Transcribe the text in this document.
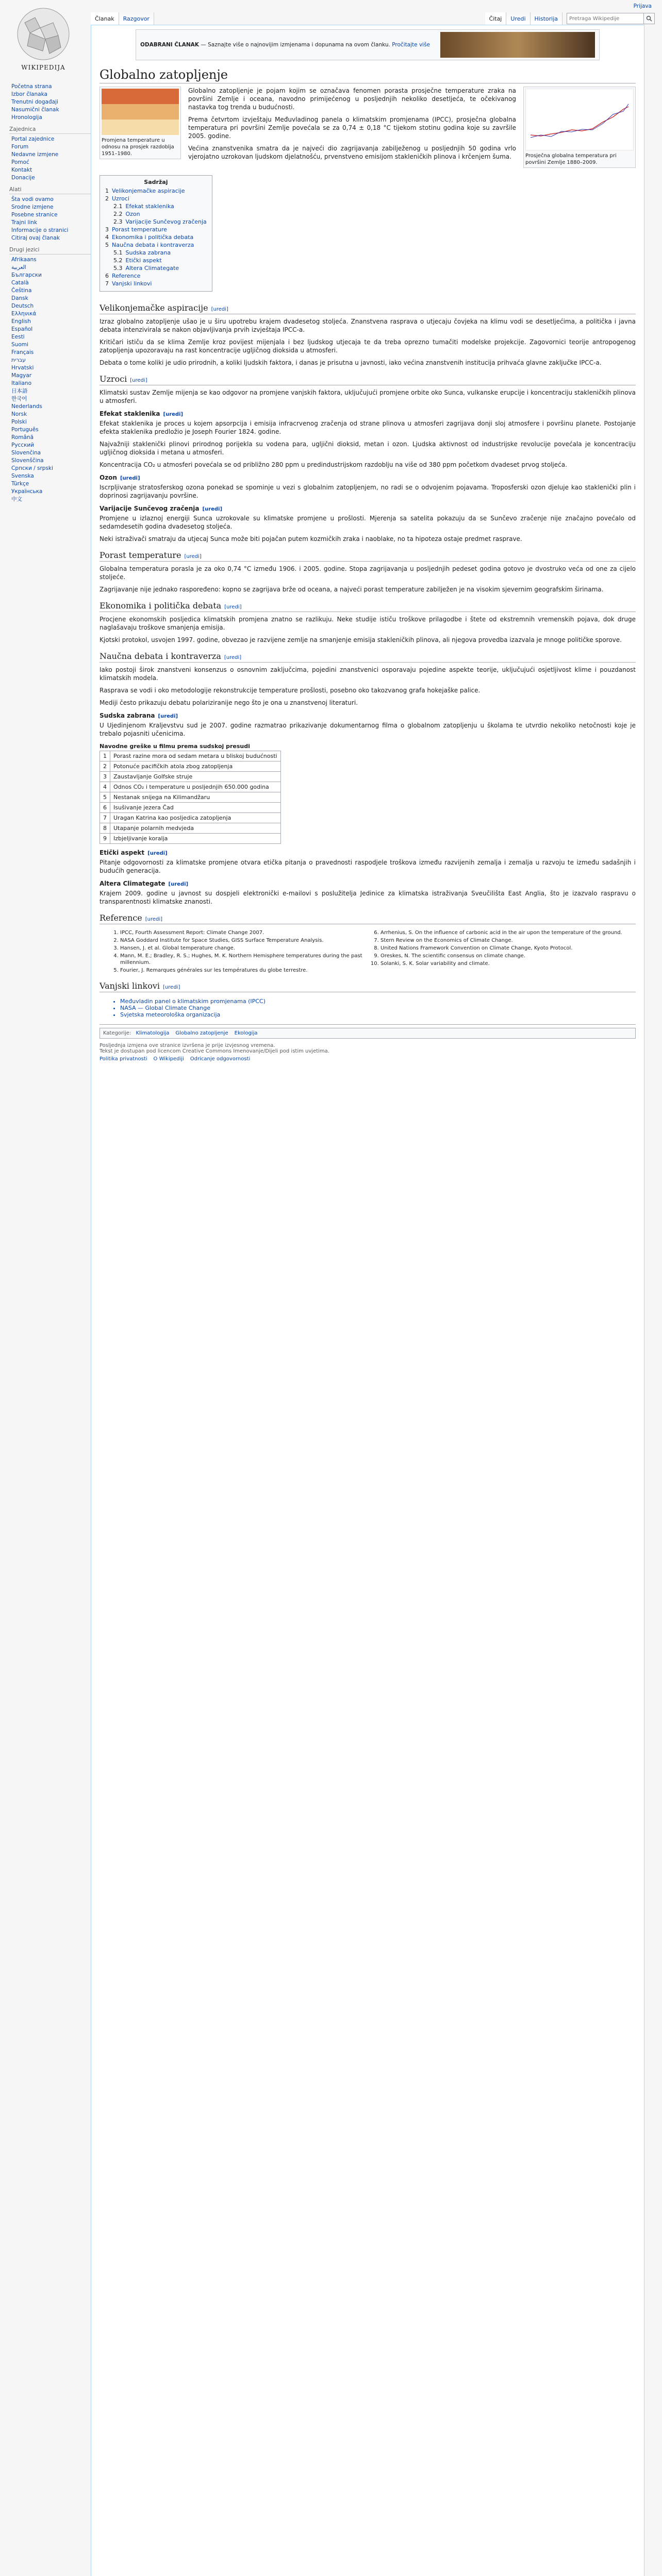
WIKIPEDIJA
Početna strana
Izbor članaka
Trenutni događaji
Nasumični članak
Hronologija
Zajednica
Portal zajednice
Forum
Nedavne izmjene
Pomoć
Kontakt
Donacije
Alati
Šta vodi ovamo
Srodne izmjene
Posebne stranice
Trajni link
Informacije o stranici
Citiraj ovaj članak
Drugi jezici
Afrikaans
العربية
Български
Català
Čeština
Dansk
Deutsch
Ελληνικά
English
Español
Eesti
Suomi
Français
עברית
Hrvatski
Magyar
Italiano
日本語
한국어
Nederlands
Norsk
Polski
Português
Română
Русский
Slovenčina
Slovenščina
Српски / srpski
Svenska
Türkçe
Українська
中文
Prijava
Članak	Razgovor	Čitaj	Uredi	Historija
Pretraga Wikipedije
ODABRANI ČLANAK — Saznajte više o najnovijim izmjenama i dopunama na ovom članku. Pročitajte više
Globalno zatopljenje
Prosječna globalna temperatura pri površini Zemlje 1880–2009.
Promjena temperature u odnosu na prosjek razdoblja 1951–1980.

Globalno zatopljenje je pojam kojim se označava fenomen porasta prosječne temperature zraka na površini Zemlje i oceana, navodno primijećenog u posljednjih nekoliko desetljeća, te očekivanog nastavka tog trenda u budućnosti.

Prema četvrtom izvještaju Međuvladinog panela o klimatskim promjenama (IPCC), prosječna globalna temperatura pri površini Zemlje povećala se za 0,74 ± 0,18 °C tijekom stotinu godina koje su završile 2005. godine.

Većina znanstvenika smatra da je najveći dio zagrijavanja zabilježenog u posljednjih 50 godina vrlo vjerojatno uzrokovan ljudskom djelatnošću, prvenstveno emisijom stakleničkih plinova i krčenjem šuma.

Sadržaj
1 Velikonjemačke aspiracije
2 Uzroci
2.1 Efekat staklenika
2.2 Ozon
2.3 Varijacije Sunčevog zračenja
3 Porast temperature
4 Ekonomika i politička debata
5 Naučna debata i kontraverza
5.1 Sudska zabrana
5.2 Etički aspekt
5.3 Altera Climategate
6 Reference
7 Vanjski linkovi
Velikonjemačke aspiracije [uredi]

Izraz globalno zatopljenje ušao je u širu upotrebu krajem dvadesetog stoljeća. Znanstvena rasprava o utjecaju čovjeka na klimu vodi se desetljećima, a politička i javna debata intenzivirala se nakon objavljivanja prvih izvještaja IPCC-a.

Kritičari ističu da se klima Zemlje kroz povijest mijenjala i bez ljudskog utjecaja te da treba oprezno tumačiti modelske projekcije. Zagovornici teorije antropogenog zatopljenja upozoravaju na rast koncentracije ugljičnog dioksida u atmosferi.

Debata o tome koliki je udio prirodnih, a koliki ljudskih faktora, i danas je prisutna u javnosti, iako većina znanstvenih institucija prihvaća glavne zaključke IPCC-a.

Uzroci [uredi]

Klimatski sustav Zemlje mijenja se kao odgovor na promjene vanjskih faktora, uključujući promjene orbite oko Sunca, vulkanske erupcije i koncentraciju stakleničkih plinova u atmosferi.

Efekat staklenika [uredi]

Efekat staklenika je proces u kojem apsorpcija i emisija infracrvenog zračenja od strane plinova u atmosferi zagrijava donji sloj atmosfere i površinu planete. Postojanje efekta staklenika predložio je Joseph Fourier 1824. godine.

Najvažniji staklenički plinovi prirodnog porijekla su vodena para, ugljični dioksid, metan i ozon. Ljudska aktivnost od industrijske revolucije povećala je koncentraciju ugljičnog dioksida i metana u atmosferi.

Koncentracija CO₂ u atmosferi povećala se od približno 280 ppm u predindustrijskom razdoblju na više od 380 ppm početkom dvadeset prvog stoljeća.

Ozon [uredi]

Iscrpljivanje stratosferskog ozona ponekad se spominje u vezi s globalnim zatopljenjem, no radi se o odvojenim pojavama. Troposferski ozon djeluje kao staklenički plin i doprinosi zagrijavanju površine.

Varijacije Sunčevog zračenja [uredi]

Promjene u izlaznoj energiji Sunca uzrokovale su klimatske promjene u prošlosti. Mjerenja sa satelita pokazuju da se Sunčevo zračenje nije značajno povećalo od sedamdesetih godina dvadesetog stoljeća.

Neki istraživači smatraju da utjecaj Sunca može biti pojačan putem kozmičkih zraka i naoblake, no ta hipoteza ostaje predmet rasprave.

Porast temperature [uredi]

Globalna temperatura porasla je za oko 0,74 °C između 1906. i 2005. godine. Stopa zagrijavanja u posljednjih pedeset godina gotovo je dvostruko veća od one za cijelo stoljeće.

Zagrijavanje nije jednako raspoređeno: kopno se zagrijava brže od oceana, a najveći porast temperature zabilježen je na visokim sjevernim geografskim širinama.

Ekonomika i politička debata [uredi]

Procjene ekonomskih posljedica klimatskih promjena znatno se razlikuju. Neke studije ističu troškove prilagodbe i štete od ekstremnih vremenskih pojava, dok druge naglašavaju troškove smanjenja emisija.

Kjotski protokol, usvojen 1997. godine, obvezao je razvijene zemlje na smanjenje emisija stakleničkih plinova, ali njegova provedba izazvala je mnoge političke sporove.

Naučna debata i kontraverza [uredi]

Iako postoji širok znanstveni konsenzus o osnovnim zaključcima, pojedini znanstvenici osporavaju pojedine aspekte teorije, uključujući osjetljivost klime i pouzdanost klimatskih modela.

Rasprava se vodi i oko metodologije rekonstrukcije temperature prošlosti, posebno oko takozvanog grafa hokejaške palice.

Mediji često prikazuju debatu polariziranije nego što je ona u znanstvenoj literaturi.

Sudska zabrana [uredi]

U Ujedinjenom Kraljevstvu sud je 2007. godine razmatrao prikazivanje dokumentarnog filma o globalnom zatopljenju u školama te utvrdio nekoliko netočnosti koje je trebalo pojasniti učenicima.

Navodne greške u filmu prema sudskoj presudi
1	Porast razine mora od sedam metara u bliskoj budućnosti
2	Potonuće pacifičkih atola zbog zatopljenja
3	Zaustavljanje Golfske struje
4	Odnos CO₂ i temperature u posljednjih 650.000 godina
5	Nestanak snijega na Kilimandžaru
6	Isušivanje jezera Čad
7	Uragan Katrina kao posljedica zatopljenja
8	Utapanje polarnih medvjeda
9	Izbjeljivanje koralja
Etički aspekt [uredi]

Pitanje odgovornosti za klimatske promjene otvara etička pitanja o pravednosti raspodjele troškova između razvijenih zemalja i zemalja u razvoju te između sadašnjih i budućih generacija.

Altera Climategate [uredi]

Krajem 2009. godine u javnost su dospjeli elektronički e-mailovi s poslužitelja Jedinice za klimatska istraživanja Sveučilišta East Anglia, što je izazvalo raspravu o transparentnosti klimatske znanosti.

Reference [uredi]
1. IPCC, Fourth Assessment Report: Climate Change 2007.
2. NASA Goddard Institute for Space Studies, GISS Surface Temperature Analysis.
3. Hansen, J. et al. Global temperature change.
4. Mann, M. E.; Bradley, R. S.; Hughes, M. K. Northern Hemisphere temperatures during the past millennium.
5. Fourier, J. Remarques générales sur les températures du globe terrestre.
6. Arrhenius, S. On the influence of carbonic acid in the air upon the temperature of the ground.
7. Stern Review on the Economics of Climate Change.
8. United Nations Framework Convention on Climate Change, Kyoto Protocol.
9. Oreskes, N. The scientific consensus on climate change.
10. Solanki, S. K. Solar variability and climate.
Vanjski linkovi [uredi]
• Međuvladin panel o klimatskim promjenama (IPCC)
• NASA — Global Climate Change
• Svjetska meteorološka organizacija
Kategorije: Klimatologija Globalno zatopljenje Ekologija
Posljednja izmjena ove stranice izvršena je prije izvjesnog vremena.
Tekst je dostupan pod licencom Creative Commons Imenovanje/Dijeli pod istim uvjetima.
Politika privatnosti O Wikipediji Odricanje odgovornosti
